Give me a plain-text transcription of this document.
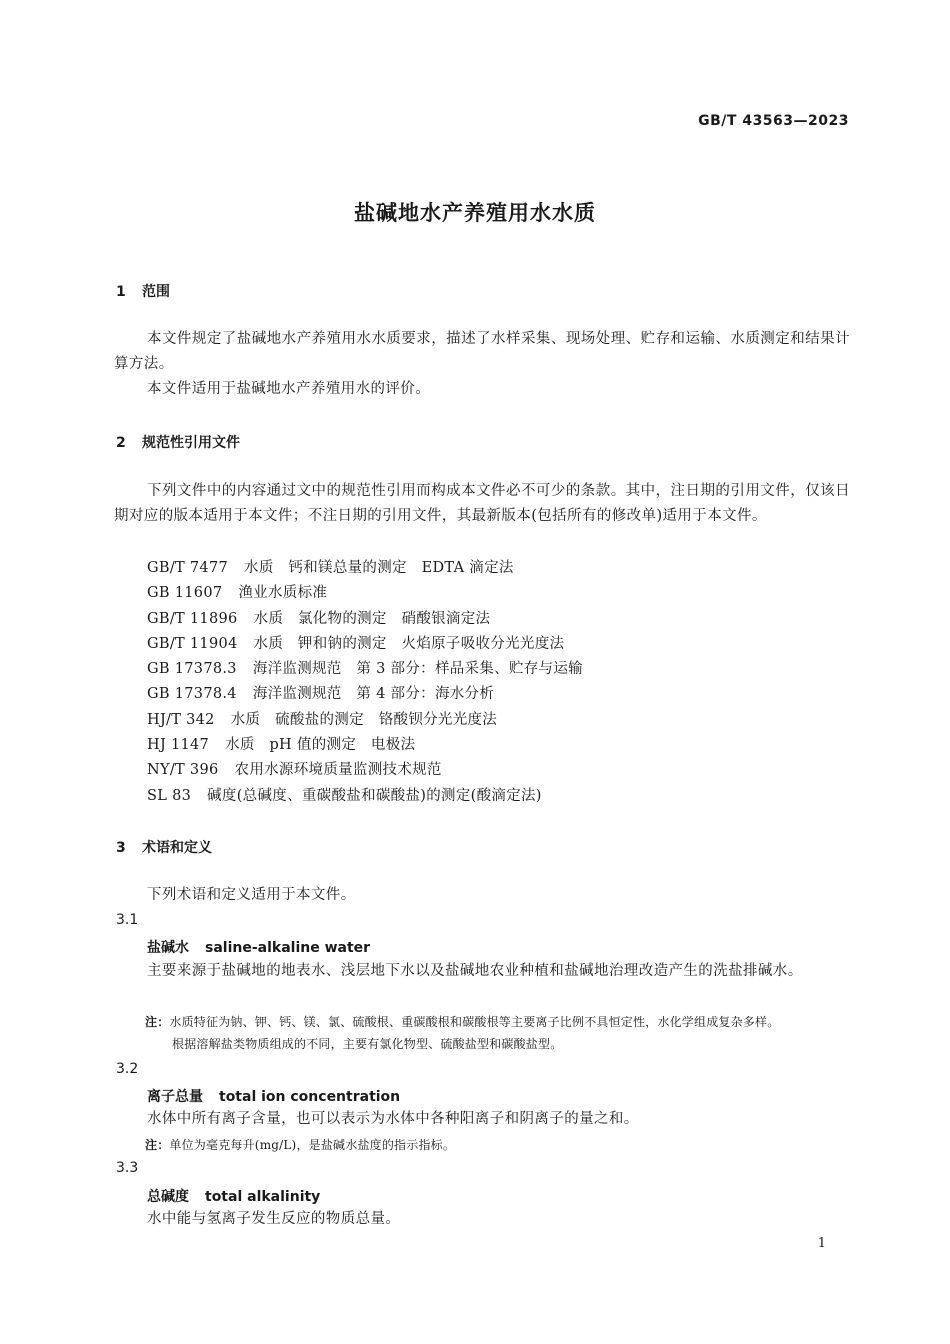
GB/T 43563—2023
盐碱地水产养殖用水水质
1 范围
本文件规定了盐碱地水产养殖用水水质要求，描述了水样采集、现场处理、贮存和运输、水质测定和结果计算方法。
本文件适用于盐碱地水产养殖用水的评价。
2 规范性引用文件
下列文件中的内容通过文中的规范性引用而构成本文件必不可少的条款。其中，注日期的引用文件，仅该日期对应的版本适用于本文件；不注日期的引用文件，其最新版本(包括所有的修改单)适用于本文件。
GB/T 7477 水质　钙和镁总量的测定　EDTA 滴定法
GB 11607 渔业水质标准
GB/T 11896 水质　氯化物的测定　硝酸银滴定法
GB/T 11904 水质　钾和钠的测定　火焰原子吸收分光光度法
GB 17378.3 海洋监测规范　第 3 部分：样品采集、贮存与运输
GB 17378.4 海洋监测规范　第 4 部分：海水分析
HJ/T 342 水质　硫酸盐的测定　铬酸钡分光光度法
HJ 1147 水质　pH 值的测定　电极法
NY/T 396 农用水源环境质量监测技术规范
SL 83 碱度(总碱度、重碳酸盐和碳酸盐)的测定(酸滴定法)
3 术语和定义
下列术语和定义适用于本文件。
3.1
盐碱水 saline-alkaline water
主要来源于盐碱地的地表水、浅层地下水以及盐碱地农业种植和盐碱地治理改造产生的洗盐排碱水。
注：水质特征为钠、钾、钙、镁、氯、硫酸根、重碳酸根和碳酸根等主要离子比例不具恒定性，水化学组成复杂多样。
根据溶解盐类物质组成的不同，主要有氯化物型、硫酸盐型和碳酸盐型。
3.2
离子总量 total ion concentration
水体中所有离子含量，也可以表示为水体中各种阳离子和阴离子的量之和。
注：单位为毫克每升(mg/L)，是盐碱水盐度的指示指标。
3.3
总碱度 total alkalinity
水中能与氢离子发生反应的物质总量。
1
